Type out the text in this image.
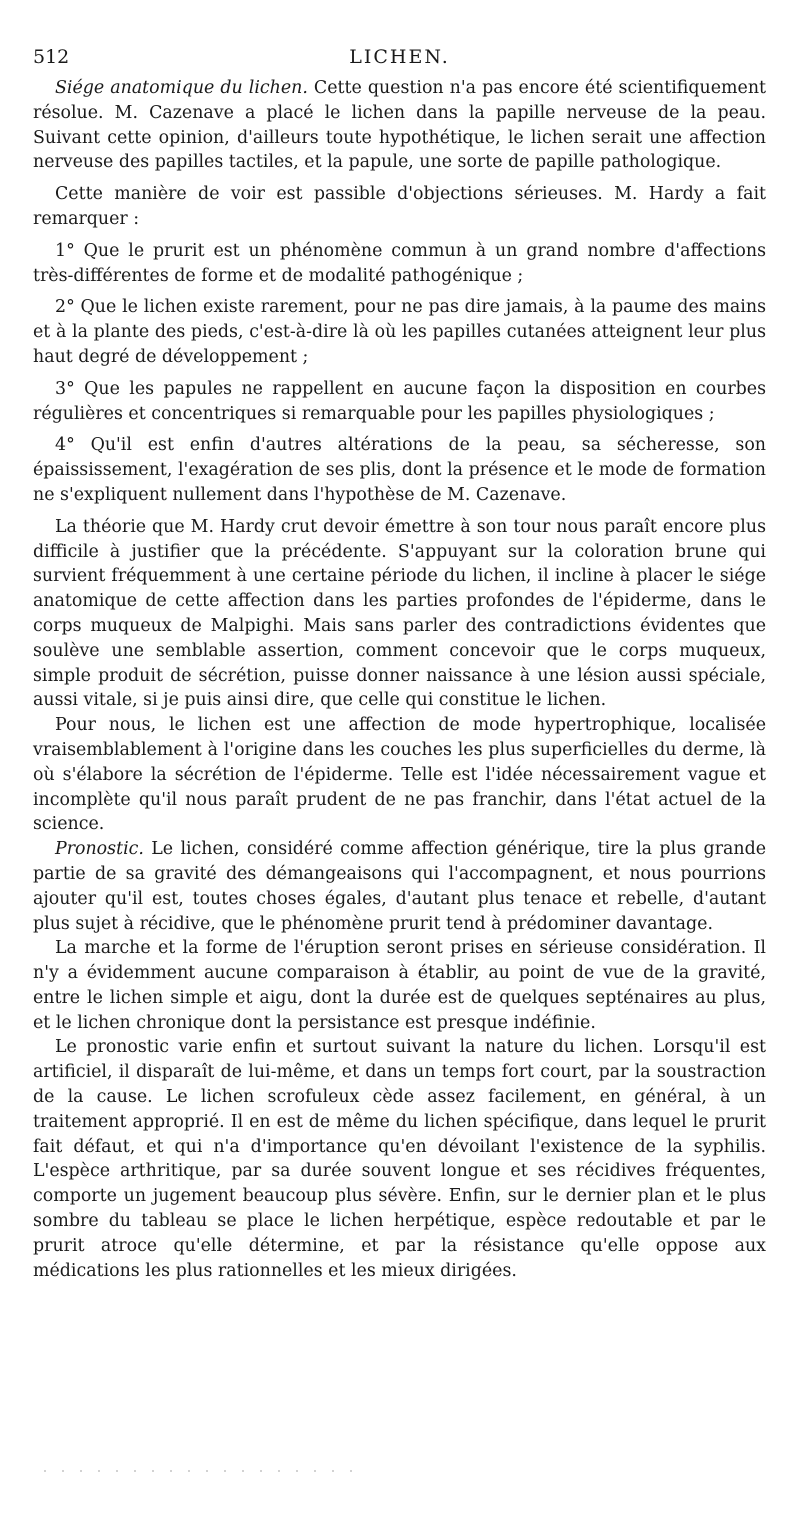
512	LICHEN.

Siége anatomique du lichen. Cette question n'a pas encore été scientifiquement résolue. M. Cazenave a placé le lichen dans la papille nerveuse de la peau. Suivant cette opinion, d'ailleurs toute hypothétique, le lichen serait une affection nerveuse des papilles tactiles, et la papule, une sorte de papille pathologique.

Cette manière de voir est passible d'objections sérieuses. M. Hardy a fait remarquer :

1° Que le prurit est un phénomène commun à un grand nombre d'affections très-différentes de forme et de modalité pathogénique ;

2° Que le lichen existe rarement, pour ne pas dire jamais, à la paume des mains et à la plante des pieds, c'est-à-dire là où les papilles cutanées atteignent leur plus haut degré de développement ;

3° Que les papules ne rappellent en aucune façon la disposition en courbes régulières et concentriques si remarquable pour les papilles physiologiques ;

4° Qu'il est enfin d'autres altérations de la peau, sa sécheresse, son épaississement, l'exagération de ses plis, dont la présence et le mode de formation ne s'expliquent nullement dans l'hypothèse de M. Cazenave.

La théorie que M. Hardy crut devoir émettre à son tour nous paraît encore plus difficile à justifier que la précédente. S'appuyant sur la coloration brune qui survient fréquemment à une certaine période du lichen, il incline à placer le siége anatomique de cette affection dans les parties profondes de l'épiderme, dans le corps muqueux de Malpighi. Mais sans parler des contradictions évidentes que soulève une semblable assertion, comment concevoir que le corps muqueux, simple produit de sécrétion, puisse donner naissance à une lésion aussi spéciale, aussi vitale, si je puis ainsi dire, que celle qui constitue le lichen.

Pour nous, le lichen est une affection de mode hypertrophique, localisée vraisemblablement à l'origine dans les couches les plus superficielles du derme, là où s'élabore la sécrétion de l'épiderme. Telle est l'idée nécessairement vague et incomplète qu'il nous paraît prudent de ne pas franchir, dans l'état actuel de la science.

Pronostic. Le lichen, considéré comme affection générique, tire la plus grande partie de sa gravité des démangeaisons qui l'accompagnent, et nous pourrions ajouter qu'il est, toutes choses égales, d'autant plus tenace et rebelle, d'autant plus sujet à récidive, que le phénomène prurit tend à prédominer davantage.

La marche et la forme de l'éruption seront prises en sérieuse considération. Il n'y a évidemment aucune comparaison à établir, au point de vue de la gravité, entre le lichen simple et aigu, dont la durée est de quelques septénaires au plus, et le lichen chronique dont la persistance est presque indéfinie.

Le pronostic varie enfin et surtout suivant la nature du lichen. Lorsqu'il est artificiel, il disparaît de lui-même, et dans un temps fort court, par la soustraction de la cause. Le lichen scrofuleux cède assez facilement, en général, à un traitement approprié. Il en est de même du lichen spécifique, dans lequel le prurit fait défaut, et qui n'a d'importance qu'en dévoilant l'existence de la syphilis. L'espèce arthritique, par sa durée souvent longue et ses récidives fréquentes, comporte un jugement beaucoup plus sévère. Enfin, sur le dernier plan et le plus sombre du tableau se place le lichen herpétique, espèce redoutable et par le prurit atroce qu'elle détermine, et par la résistance qu'elle oppose aux médications les plus rationnelles et les mieux dirigées.
